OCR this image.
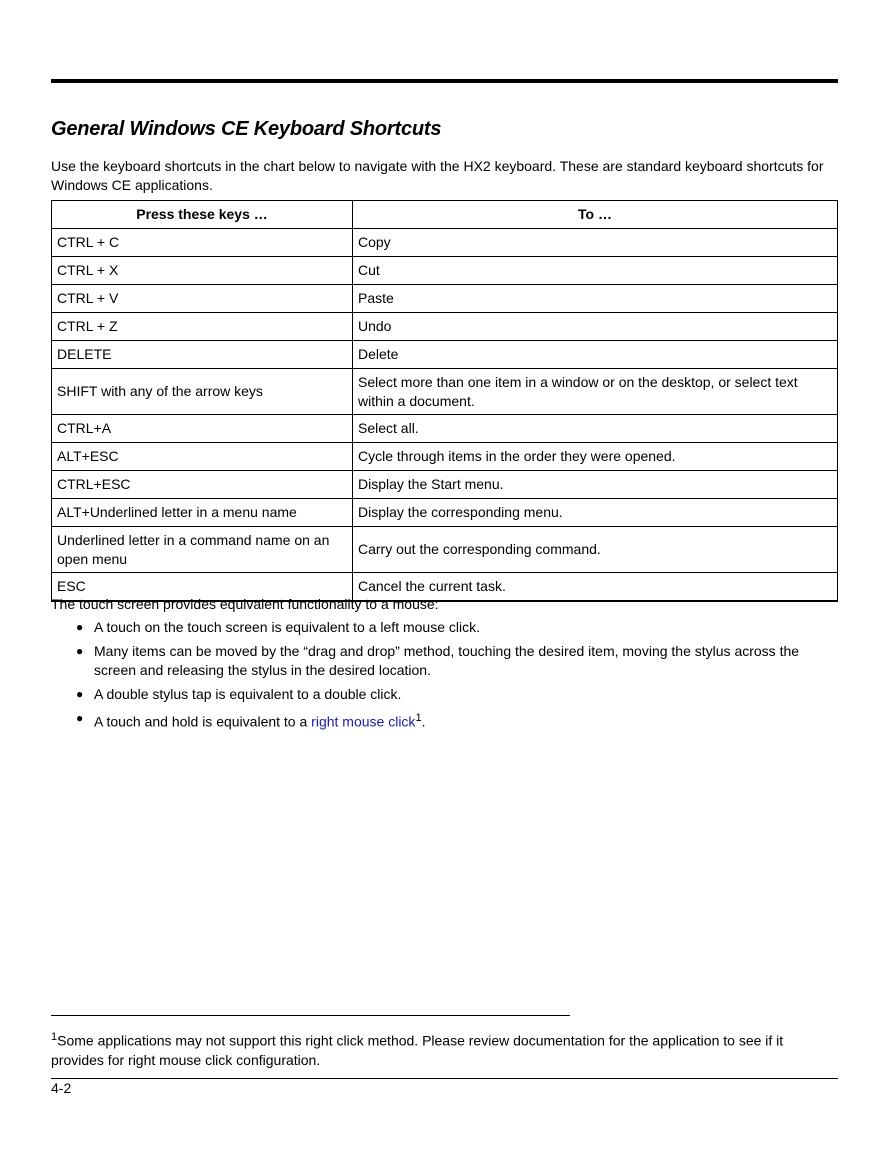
General Windows CE Keyboard Shortcuts

Use the keyboard shortcuts in the chart below to navigate with the HX2 keyboard. These are standard keyboard shortcuts for Windows CE applications.

Press these keys …	To …
CTRL + C	Copy
CTRL + X	Cut
CTRL + V	Paste
CTRL + Z	Undo
DELETE	Delete
SHIFT with any of the arrow keys	Select more than one item in a window or on the desktop, or select text within a document.
CTRL+A	Select all.
ALT+ESC	Cycle through items in the order they were opened.
CTRL+ESC	Display the Start menu.
ALT+Underlined letter in a menu name	Display the corresponding menu.
Underlined letter in a command name on an open menu	Carry out the corresponding command.
ESC	Cancel the current task.

The touch screen provides equivalent functionality to a mouse:

● A touch on the touch screen is equivalent to a left mouse click.
● Many items can be moved by the “drag and drop” method, touching the desired item, moving the stylus across the screen and releasing the stylus in the desired location.
● A double stylus tap is equivalent to a double click.
● A touch and hold is equivalent to a right mouse click$^1$.

$^1$Some applications may not support this right click method. Please review documentation for the application to see if it provides for right mouse click configuration.

4-2
